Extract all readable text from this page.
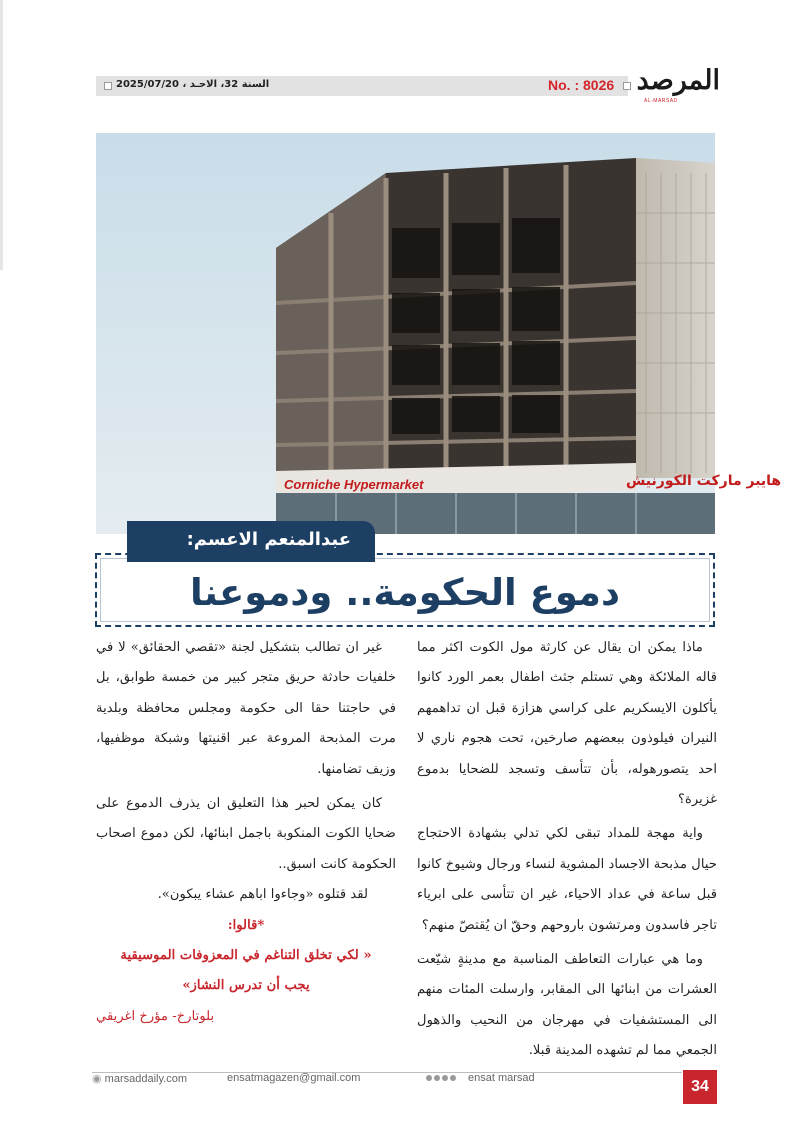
السنة 32، الاحـد ، 2025/07/20	No. : 8026 المرصد
AL-MARSAD
Corniche Hypermarket	هايبر ماركت الكورنيش
عبدالمنعم الاعسم:
دموع الحكومة.. ودموعنا

ماذا يمكن ان يقال عن كارثة مول الكوت اكثر مما قاله الملائكة وهي تستلم جثث اطفال بعمر الورد كانوا يأكلون الايسكريم على كراسي هزازة قبل ان تداهمهم النيران فيلوذون ببعضهم صارخين، تحت هجوم ناري لا احد يتصورهوله، بأن تتأسف وتسجد للضحايا بدموع غزيرة؟

واية مهجة للمداد تبقى لكي تدلي بشهادة الاحتجاج حيال مذبحة الاجساد المشوية لنساء ورجال وشيوخ كانوا قبل ساعة في عداد الاحياء، غير ان تتأسى على ابرياء تاجر فاسدون ومرتشون باروحهم وحقّ ان يُقتصّ منهم؟

وما هي عبارات التعاطف المناسبة مع مدينةٍ شيّعت العشرات من ابنائها الى المقابر، وارسلت المئات منهم الى المستشفيات في مهرجان من النحيب والذهول الجمعي مما لم تشهده المدينة قبلا.

غير ان تطالب بتشكيل لجنة «تقصي الحقائق» لا في خلفيات حادثة حريق متجر كبير من خمسة طوابق، بل في حاجتنا حقا الى حكومة ومجلس محافظة وبلدية مرت المذبحة المروعة عبر اقنيتها وشبكة موظفيها، وزيف تضامنها.

كان يمكن لحبر هذا التعليق ان يذرف الدموع على ضحايا الكوت المنكوبة باجمل ابنائها، لكن دموع اصحاب الحكومة كانت اسبق..

لقد قتلوه «وجاءوا اباهم عشاء يبكون».

*قالوا:

« لكي تخلق التناغم في المعزوفات الموسيقية

يجب أن تدرس النشاز»

بلوتارخ- مؤرخ اغريقي
◉ marsaddaily.com	ensatmagazen@gmail.com	ensat marsad	34
